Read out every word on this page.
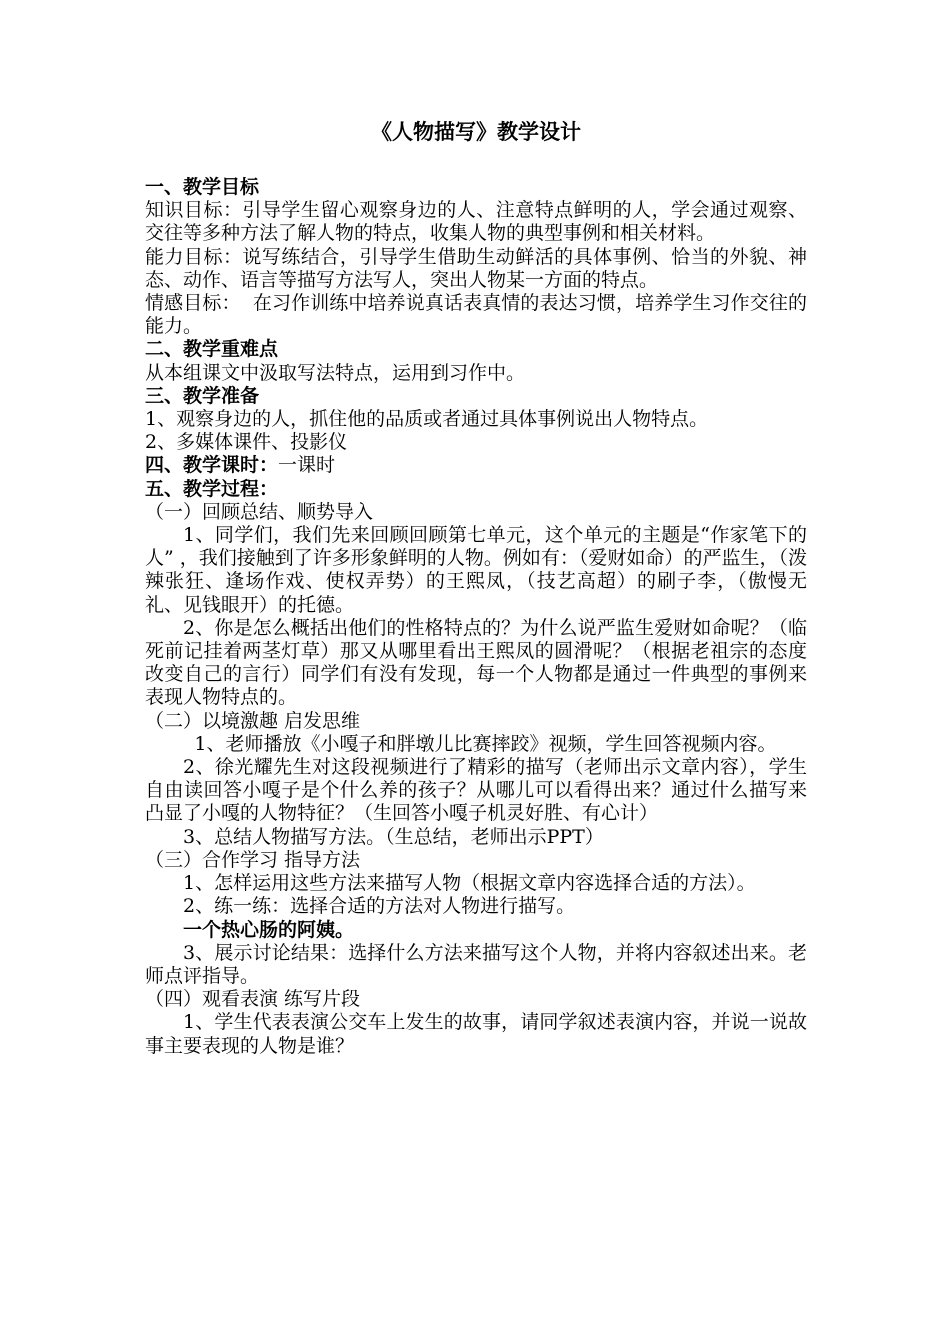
《人物描写》教学设计

一、教学目标

知识目标：引导学生留心观察身边的人、注意特点鲜明的人，学会通过观察、交往等多种方法了解人物的特点，收集人物的典型事例和相关材料。

能力目标：说写练结合，引导学生借助生动鲜活的具体事例、恰当的外貌、神态、动作、语言等描写方法写人，突出人物某一方面的特点。

情感目标：  在习作训练中培养说真话表真情的表达习惯，培养学生习作交往的能力。

二、教学重难点

从本组课文中汲取写法特点，运用到习作中。

三、教学准备

1、观察身边的人，抓住他的品质或者通过具体事例说出人物特点。

2、多媒体课件、投影仪

四、教学课时：一课时

五、教学过程：

（一）回顾总结、顺势导入

1、同学们，我们先来回顾回顾第七单元，这个单元的主题是“作家笔下的人” ，我们接触到了许多形象鲜明的人物。例如有：（爱财如命）的严监生，（泼辣张狂、逢场作戏、使权弄势）的王熙凤，（技艺高超）的刷子李，（傲慢无礼、见钱眼开）的托德。

2、你是怎么概括出他们的性格特点的？为什么说严监生爱财如命呢？（临死前记挂着两茎灯草）那又从哪里看出王熙凤的圆滑呢？（根据老祖宗的态度改变自己的言行）同学们有没有发现，每一个人物都是通过一件典型的事例来表现人物特点的。

（二）以境激趣 启发思维

1、老师播放《小嘎子和胖墩儿比赛摔跤》视频，学生回答视频内容。

2、徐光耀先生对这段视频进行了精彩的描写（老师出示文章内容），学生自由读回答小嘎子是个什么养的孩子？从哪儿可以看得出来？通过什么描写来凸显了小嘎的人物特征？（生回答小嘎子机灵好胜、有心计）

3、总结人物描写方法。（生总结，老师出示PPT）

（三）合作学习 指导方法

1、怎样运用这些方法来描写人物（根据文章内容选择合适的方法）。

2、练一练：选择合适的方法对人物进行描写。

一个热心肠的阿姨。

3、展示讨论结果：选择什么方法来描写这个人物，并将内容叙述出来。老师点评指导。

（四）观看表演 练写片段

1、学生代表表演公交车上发生的故事，请同学叙述表演内容，并说一说故事主要表现的人物是谁？
